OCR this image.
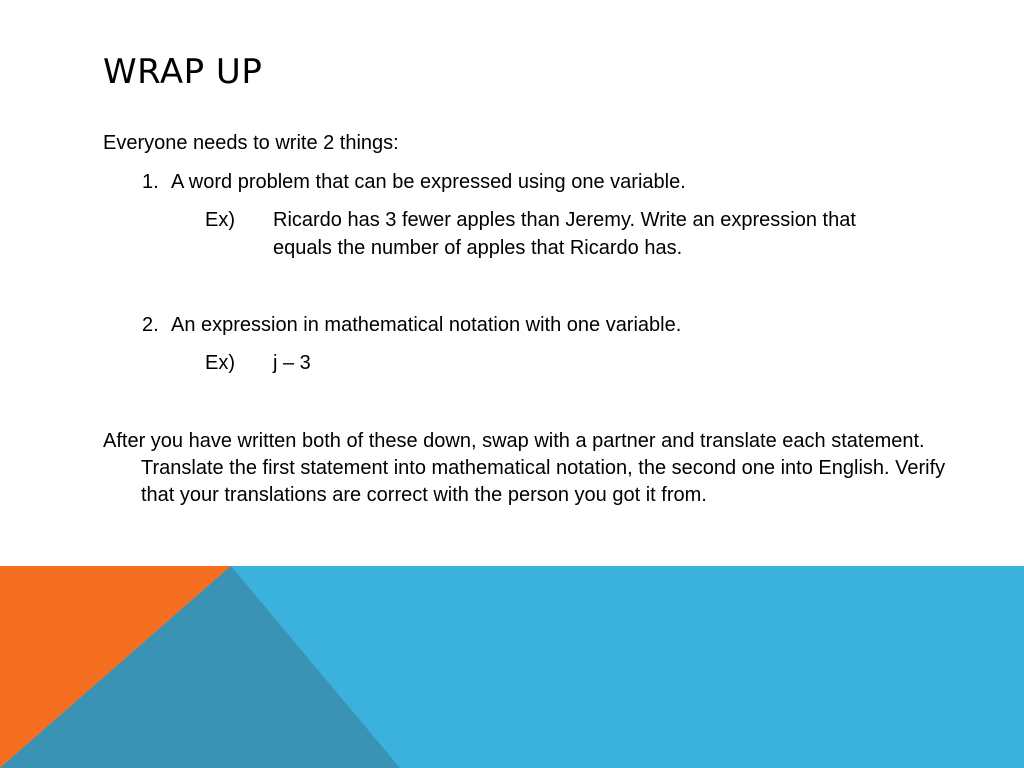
WRAP UP
Everyone needs to write 2 things:
1. A word problem that can be expressed using one variable.
Ex) Ricardo has 3 fewer apples than Jeremy. Write an expression that
equals the number of apples that Ricardo has.
2. An expression in mathematical notation with one variable.
Ex) j – 3
After you have written both of these down, swap with a partner and translate each statement. Translate the first statement into mathematical notation, the second one into English. Verify that your translations are correct with the person you got it from.
